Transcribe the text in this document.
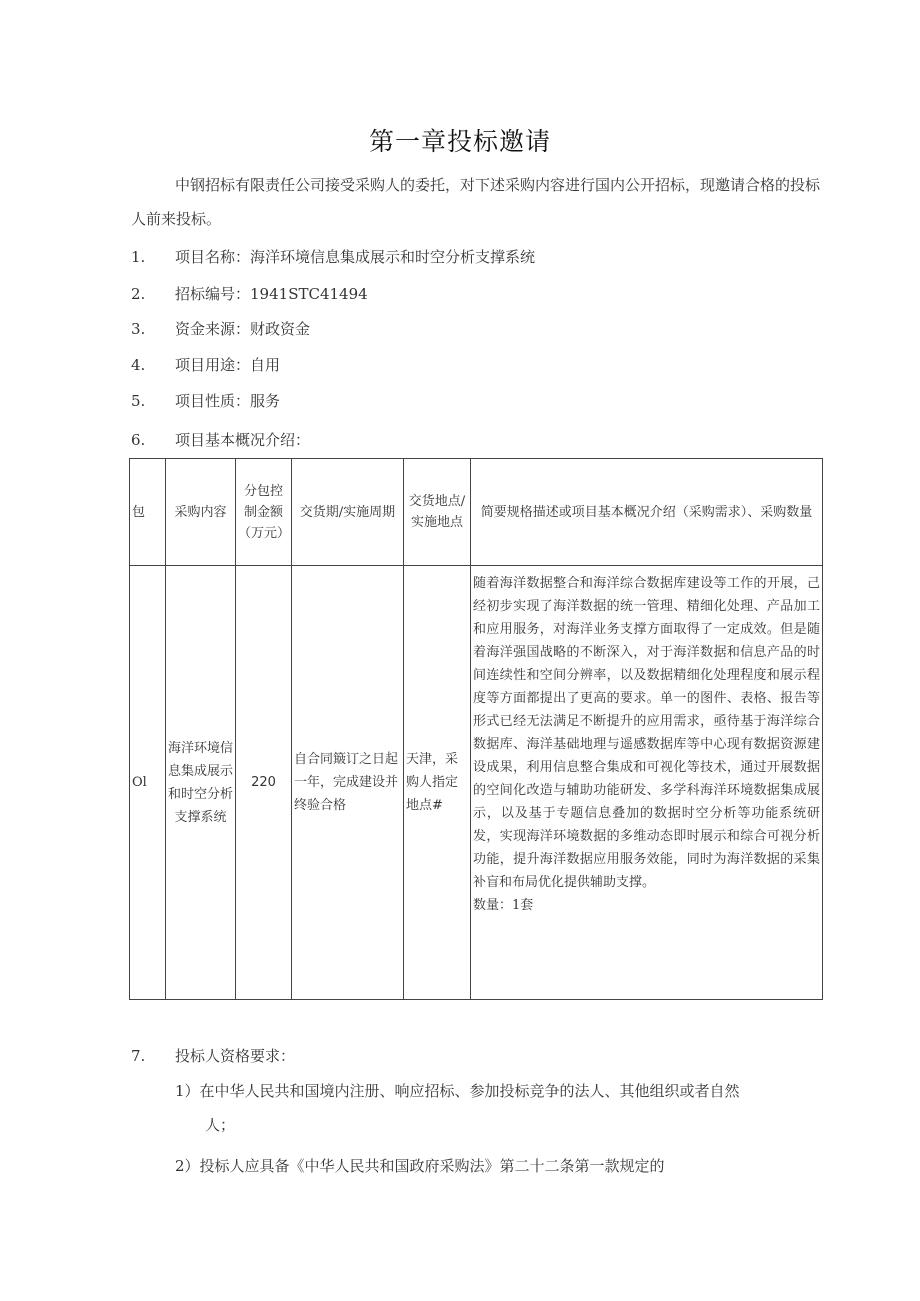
第一章投标邀请
中钢招标有限责任公司接受采购人的委托，对下述采购内容进行国内公开招标，现邀请合格的投标人前来投标。
1. 项目名称：海洋环境信息集成展示和时空分析支撑系统
2. 招标编号：1941STC41494
3. 资金来源：财政资金
4. 项目用途：自用
5. 项目性质：服务
6. 项目基本概况介绍：
包	采购内容	分包控制金额（万元）	交货期/实施周期	交货地点/实施地点	简要规格描述或项目基本概况介绍（采购需求）、采购数量
Ol	海洋环境信息集成展示和时空分析支撑系统	220	自合同簸订之日起一年，完成建设并终验合格	天津，采购人指定地点#	随着海洋数据整合和海洋综合数据库建设等工作的开展，己经初步实现了海洋数据的统一管理、精细化处理、产品加工和应用服务，对海洋业务支撑方面取得了一定成效。但是随着海洋强国战略的不断深入，对于海洋数据和信息产品的时间连续性和空间分辨率，以及数据精细化处理程度和展示程度等方面都提出了更高的要求。单一的图件、表格、报告等形式已经无法满足不断提升的应用需求，亟待基于海洋综合数据库、海洋基础地理与遥感数据库等中心现有数据资源建设成果，利用信息整合集成和可视化等技术，通过开展数据的空间化改造与辅助功能研发、多学科海洋环境数据集成展示，以及基于专题信息叠加的数据时空分析等功能系统研发，实现海洋环境数据的多维动态即时展示和综合可视分析功能，提升海洋数据应用服务效能，同时为海洋数据的采集补盲和布局优化提供辅助支撑。
数量：1套
7. 投标人资格要求：
1）在中华人民共和国境内注册、响应招标、参加投标竞争的法人、其他组织或者自然
人；
2）投标人应具备《中华人民共和国政府采购法》第二十二条第一款规定的
